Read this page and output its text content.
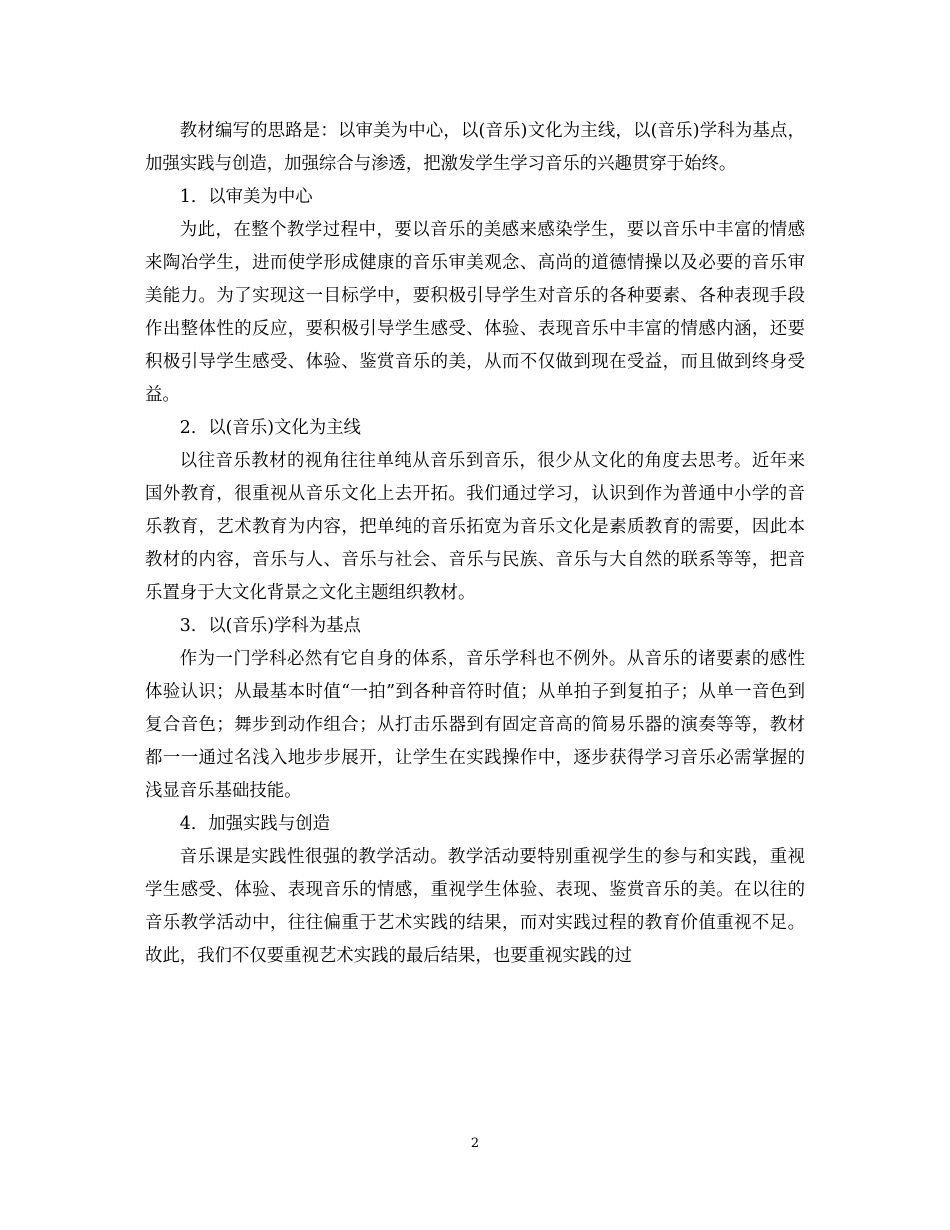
教材编写的思路是：以审美为中心，以(音乐)文化为主线，以(音乐)学科为基点，加强实践与创造，加强综合与渗透，把激发学生学习音乐的兴趣贯穿于始终。

1．以审美为中心

为此，在整个教学过程中，要以音乐的美感来感染学生，要以音乐中丰富的情感来陶冶学生，进而使学形成健康的音乐审美观念、高尚的道德情操以及必要的音乐审美能力。为了实现这一目标学中，要积极引导学生对音乐的各种要素、各种表现手段作出整体性的反应，要积极引导学生感受、体验、表现音乐中丰富的情感内涵，还要积极引导学生感受、体验、鉴赏音乐的美，从而不仅做到现在受益，而且做到终身受益。

2．以(音乐)文化为主线

以往音乐教材的视角往往单纯从音乐到音乐，很少从文化的角度去思考。近年来国外教育，很重视从音乐文化上去开拓。我们通过学习，认识到作为普通中小学的音乐教育，艺术教育为内容，把单纯的音乐拓宽为音乐文化是素质教育的需要，因此本教材的内容，音乐与人、音乐与社会、音乐与民族、音乐与大自然的联系等等，把音乐置身于大文化背景之文化主题组织教材。

3．以(音乐)学科为基点

作为一门学科必然有它自身的体系，音乐学科也不例外。从音乐的诸要素的感性体验认识；从最基本时值“一拍”到各种音符时值；从单拍子到复拍子；从单一音色到复合音色；舞步到动作组合；从打击乐器到有固定音高的简易乐器的演奏等等，教材都一一通过名浅入地步步展开，让学生在实践操作中，逐步获得学习音乐必需掌握的浅显音乐基础技能。

4．加强实践与创造

音乐课是实践性很强的教学活动。教学活动要特别重视学生的参与和实践，重视学生感受、体验、表现音乐的情感，重视学生体验、表现、鉴赏音乐的美。在以往的音乐教学活动中，往往偏重于艺术实践的结果，而对实践过程的教育价值重视不足。故此，我们不仅要重视艺术实践的最后结果，也要重视实践的过

2
